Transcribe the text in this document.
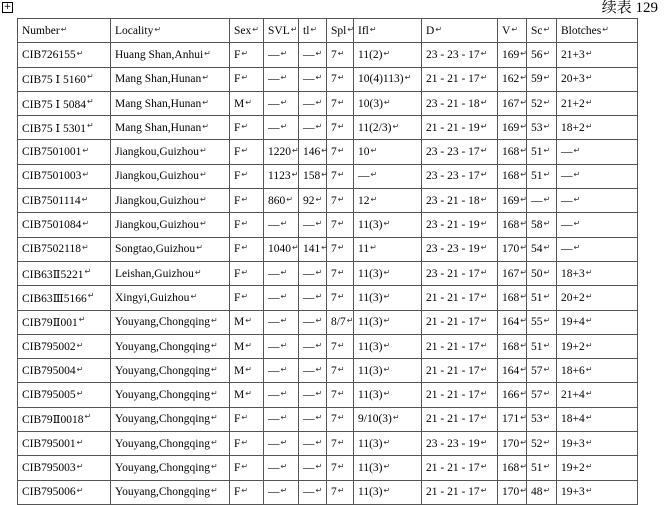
+	续表 129
Number↵	Locality↵	Sex↵	SVL↵	tl↵	Spl↵	Ifl↵	D↵	V↵	Sc↵	Blotches↵
CIB726155↵	Huang Shan,Anhui↵	F↵	—↵	—↵	7↵	11(2)↵	23 - 23 - 17↵	169↵	56↵	21+3↵
CIB75 Ⅰ 5160↵	Mang Shan,Hunan↵	F↵	—↵	—↵	7↵	10(4)113)↵	21 - 21 - 17↵	162↵	59↵	20+3↵
CIB75 Ⅰ 5084↵	Mang Shan,Hunan↵	M↵	—↵	—↵	7↵	10(3)↵	23 - 21 - 18↵	167↵	52↵	21+2↵
CIB75 Ⅰ 5301↵	Mang Shan,Hunan↵	F↵	—↵	—↵	7↵	11(2/3)↵	21 - 21 - 19↵	169↵	53↵	18+2↵
CIB7501001↵	Jiangkou,Guizhou↵	F↵	1220↵	146↵	7↵	10↵	23 - 23 - 17↵	168↵	51↵	—↵
CIB7501003↵	Jiangkou,Guizhou↵	F↵	1123↵	158↵	7↵	—↵	23 - 23 - 17↵	168↵	51↵	—↵
CIB7501114↵	Jiangkou,Guizhou↵	F↵	860↵	92↵	7↵	12↵	23 - 21 - 18↵	169↵	—↵	—↵
CIB7501084↵	Jiangkou,Guizhou↵	F↵	—↵	—↵	7↵	11(3)↵	23 - 21 - 19↵	168↵	58↵	—↵
CIB7502118↵	Songtao,Guizhou↵	F↵	1040↵	141↵	7↵	11↵	23 - 23 - 19↵	170↵	54↵	—↵
CIB63Ⅱ5221↵	Leishan,Guizhou↵	F↵	—↵	—↵	7↵	11(3)↵	23 - 21 - 17↵	167↵	50↵	18+3↵
CIB63Ⅲ5166↵	Xingyi,Guizhou↵	F↵	—↵	—↵	7↵	11(3)↵	21 - 21 - 17↵	168↵	51↵	20+2↵
CIB79Ⅱ001↵	Youyang,Chongqing↵	M↵	—↵	—↵	8/7↵	11(3)↵	21 - 21 - 17↵	164↵	55↵	19+4↵
CIB795002↵	Youyang,Chongqing↵	M↵	—↵	—↵	7↵	11(3)↵	21 - 21 - 17↵	168↵	51↵	19+2↵
CIB795004↵	Youyang,Chongqing↵	M↵	—↵	—↵	7↵	11(3)↵	21 - 21 - 17↵	164↵	57↵	18+6↵
CIB795005↵	Youyang,Chongqing↵	M↵	—↵	—↵	7↵	11(3)↵	21 - 21 - 17↵	166↵	57↵	21+4↵
CIB79Ⅱ0018↵	Youyang,Chongqing↵	F↵	—↵	—↵	7↵	9/10(3)↵	21 - 21 - 17↵	171↵	53↵	18+4↵
CIB795001↵	Youyang,Chongqing↵	F↵	—↵	—↵	7↵	11(3)↵	23 - 23 - 19↵	170↵	52↵	19+3↵
CIB795003↵	Youyang,Chongqing↵	F↵	—↵	—↵	7↵	11(3)↵	21 - 21 - 17↵	168↵	51↵	19+2↵
CIB795006↵	Youyang,Chongqing↵	F↵	—↵	—↵	7↵	11(3)↵	21 - 21 - 17↵	170↵	48↵	19+3↵
